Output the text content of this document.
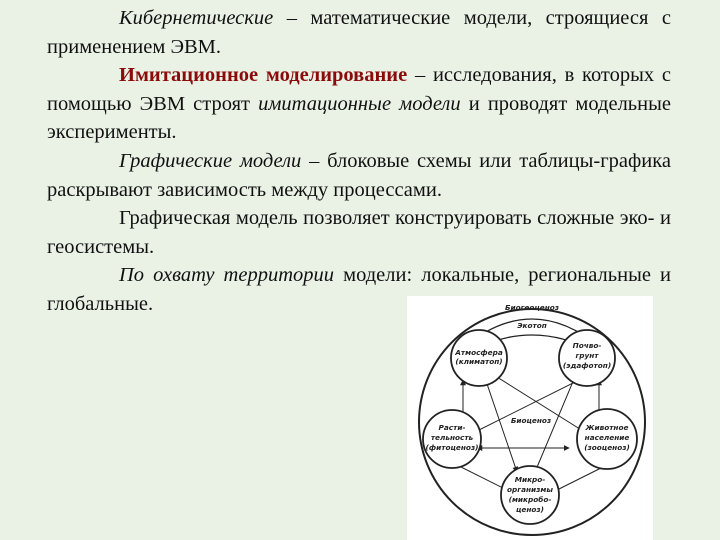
Кибернетические – математические модели, строящиеся с применением ЭВМ.

Имитационное моделирование – исследования, в которых с помощью ЭВМ строят имитационные модели и проводят модельные эксперименты.

Графические модели – блоковые схемы или таблицы-графика раскрывают зависимость между процессами.

Графическая модель позволяет конструировать сложные эко- и геосистемы.

По охвату территории модели: локальные, региональные и глобальные.	Биогеоценоз
Экотоп
Биоценоз
Атмосфера
(климатоп)
Почво-
грунт
(эдафотоп)
Расти-
тельность
(фитоценоз)
Животное
население
(зооценоз)
Микро-
организмы
(микробо-
ценоз)
